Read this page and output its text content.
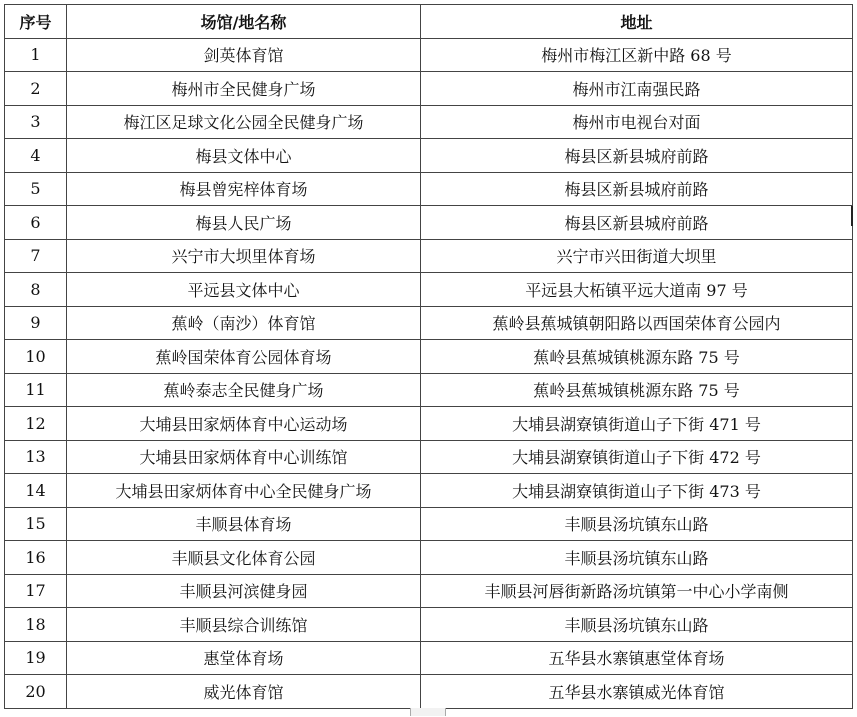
序号	场馆/地名称	地址
1	剑英体育馆	梅州市梅江区新中路 68 号
2	梅州市全民健身广场	梅州市江南强民路
3	梅江区足球文化公园全民健身广场	梅州市电视台对面
4	梅县文体中心	梅县区新县城府前路
5	梅县曾宪梓体育场	梅县区新县城府前路
6	梅县人民广场	梅县区新县城府前路
7	兴宁市大坝里体育场	兴宁市兴田街道大坝里
8	平远县文体中心	平远县大柘镇平远大道南 97 号
9	蕉岭（南沙）体育馆	蕉岭县蕉城镇朝阳路以西国荣体育公园内
10	蕉岭国荣体育公园体育场	蕉岭县蕉城镇桃源东路 75 号
11	蕉岭泰志全民健身广场	蕉岭县蕉城镇桃源东路 75 号
12	大埔县田家炳体育中心运动场	大埔县湖寮镇街道山子下街 471 号
13	大埔县田家炳体育中心训练馆	大埔县湖寮镇街道山子下街 472 号
14	大埔县田家炳体育中心全民健身广场	大埔县湖寮镇街道山子下街 473 号
15	丰顺县体育场	丰顺县汤坑镇东山路
16	丰顺县文化体育公园	丰顺县汤坑镇东山路
17	丰顺县河滨健身园	丰顺县河唇街新路汤坑镇第一中心小学南侧
18	丰顺县综合训练馆	丰顺县汤坑镇东山路
19	惠堂体育场	五华县水寨镇惠堂体育场
20	威光体育馆	五华县水寨镇威光体育馆
